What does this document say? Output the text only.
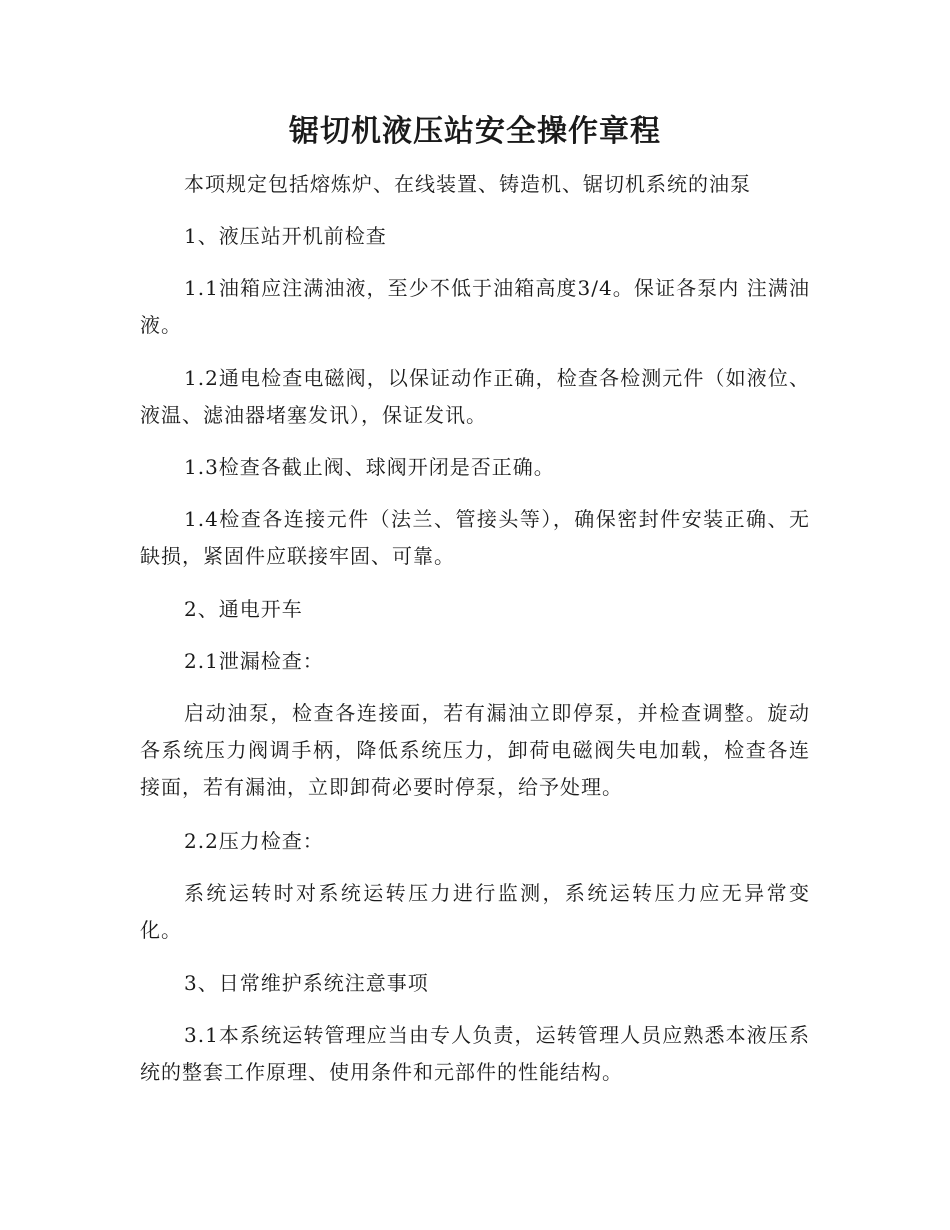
锯切机液压站安全操作章程

本项规定包括熔炼炉、在线装置、铸造机、锯切机系统的油泵

1、液压站开机前检查

1.1油箱应注满油液，至少不低于油箱高度3/4。保证各泵内 注满油液。

1.2通电检查电磁阀，以保证动作正确，检查各检测元件（如液位、液温、滤油器堵塞发讯），保证发讯。

1.3检查各截止阀、球阀开闭是否正确。

1.4检查各连接元件（法兰、管接头等），确保密封件安装正确、无缺损，紧固件应联接牢固、可靠。

2、通电开车

2.1泄漏检查：

启动油泵，检查各连接面，若有漏油立即停泵，并检查调整。旋动各系统压力阀调手柄，降低系统压力，卸荷电磁阀失电加载，检查各连接面，若有漏油，立即卸荷必要时停泵，给予处理。

2.2压力检查：

系统运转时对系统运转压力进行监测，系统运转压力应无异常变化。

3、日常维护系统注意事项

3.1本系统运转管理应当由专人负责，运转管理人员应熟悉本液压系统的整套工作原理、使用条件和元部件的性能结构。
